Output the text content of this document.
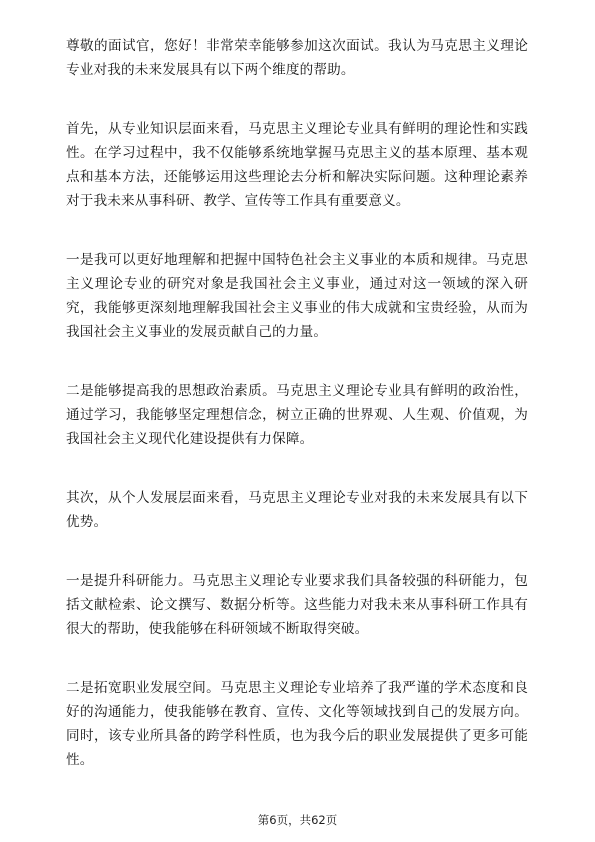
尊敬的面试官，您好！非常荣幸能够参加这次面试。我认为马克思主义理论专业对我的未来发展具有以下两个维度的帮助。

首先，从专业知识层面来看，马克思主义理论专业具有鲜明的理论性和实践性。在学习过程中，我不仅能够系统地掌握马克思主义的基本原理、基本观点和基本方法，还能够运用这些理论去分析和解决实际问题。这种理论素养对于我未来从事科研、教学、宣传等工作具有重要意义。

一是我可以更好地理解和把握中国特色社会主义事业的本质和规律。马克思主义理论专业的研究对象是我国社会主义事业，通过对这一领域的深入研究，我能够更深刻地理解我国社会主义事业的伟大成就和宝贵经验，从而为我国社会主义事业的发展贡献自己的力量。

二是能够提高我的思想政治素质。马克思主义理论专业具有鲜明的政治性，通过学习，我能够坚定理想信念，树立正确的世界观、人生观、价值观，为我国社会主义现代化建设提供有力保障。

其次，从个人发展层面来看，马克思主义理论专业对我的未来发展具有以下优势。

一是提升科研能力。马克思主义理论专业要求我们具备较强的科研能力，包括文献检索、论文撰写、数据分析等。这些能力对我未来从事科研工作具有很大的帮助，使我能够在科研领域不断取得突破。

二是拓宽职业发展空间。马克思主义理论专业培养了我严谨的学术态度和良好的沟通能力，使我能够在教育、宣传、文化等领域找到自己的发展方向。同时，该专业所具备的跨学科性质，也为我今后的职业发展提供了更多可能性。

第6页，共62页
